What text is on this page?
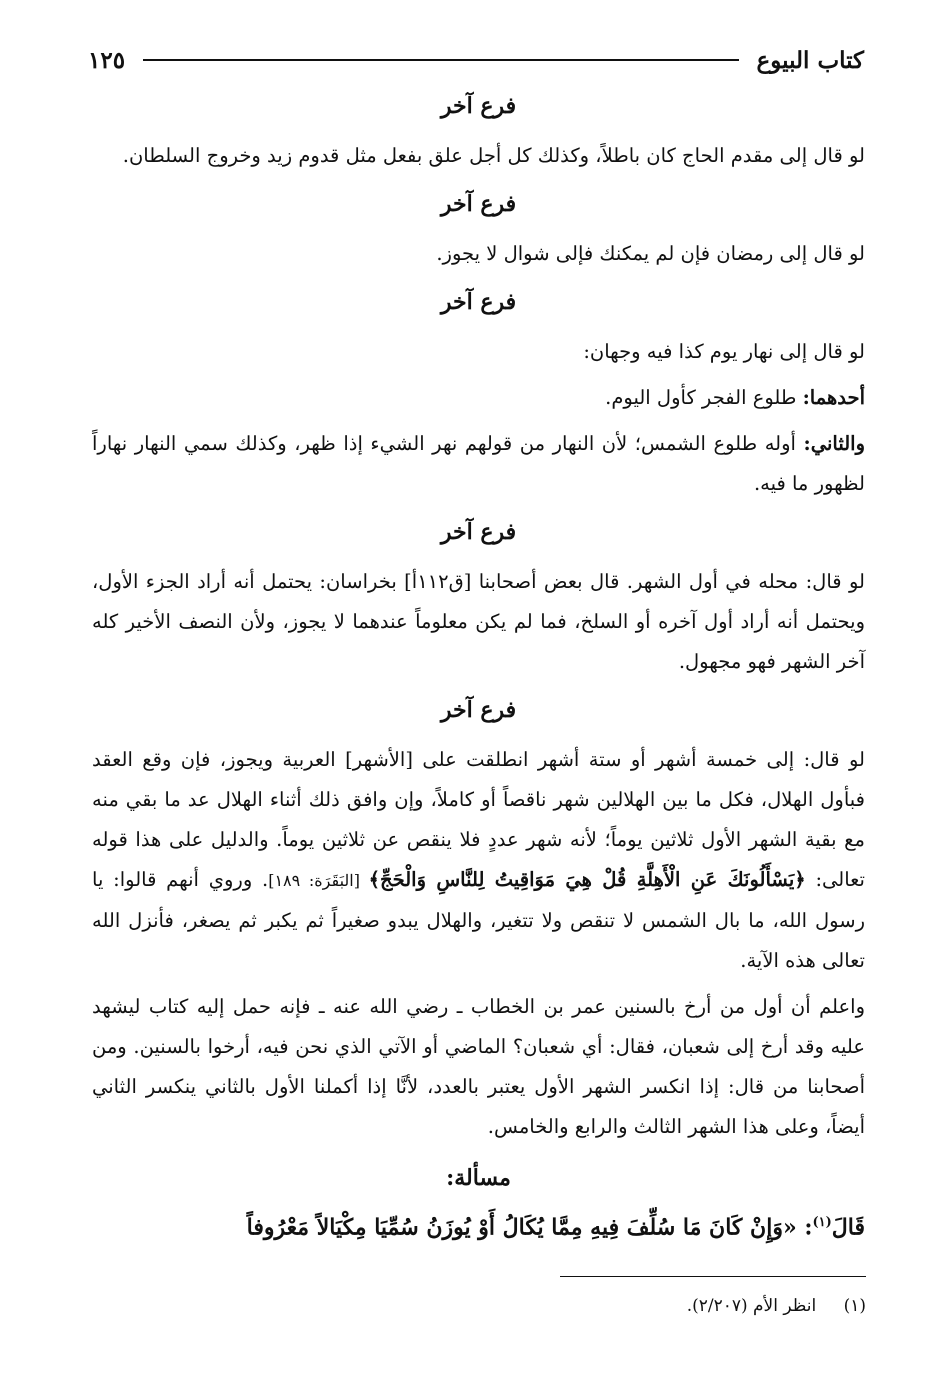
كتاب البيوع
١٢٥

فرع آخر

لو قال إلى مقدم الحاج كان باطلاً، وكذلك كل أجل علق بفعل مثل قدوم زيد وخروج السلطان.

فرع آخر

لو قال إلى رمضان فإن لم يمكنك فإلى شوال لا يجوز.

فرع آخر

لو قال إلى نهار يوم كذا فيه وجهان:

أحدهما: طلوع الفجر كأول اليوم.

والثاني: أوله طلوع الشمس؛ لأن النهار من قولهم نهر الشيء إذا ظهر، وكذلك سمي النهار نهاراً لظهور ما فيه.

فرع آخر

لو قال: محله في أول الشهر. قال بعض أصحابنا [ق١١٢أ] بخراسان: يحتمل أنه أراد الجزء الأول، ويحتمل أنه أراد أول آخره أو السلخ، فما لم يكن معلوماً عندهما لا يجوز، ولأن النصف الأخير كله آخر الشهر فهو مجهول.

فرع آخر

لو قال: إلى خمسة أشهر أو ستة أشهر انطلقت على [الأشهر] العربية ويجوز، فإن وقع العقد فبأول الهلال، فكل ما بين الهلالين شهر ناقصاً أو كاملاً، وإن وافق ذلك أثناء الهلال عد ما بقي منه مع بقية الشهر الأول ثلاثين يوماً؛ لأنه شهر عددٍ فلا ينقص عن ثلاثين يوماً. والدليل على هذا قوله تعالى: ﴿يَسْأَلُونَكَ عَنِ الْأَهِلَّةِ قُلْ هِيَ مَوَاقِيتُ لِلنَّاسِ وَالْحَجِّ﴾ [البَقَرَة: ١٨٩]. وروي أنهم قالوا: يا رسول الله، ما بال الشمس لا تنقص ولا تتغير، والهلال يبدو صغيراً ثم يكبر ثم يصغر، فأنزل الله تعالى هذه الآية.

واعلم أن أول من أرخ بالسنين عمر بن الخطاب ـ رضي الله عنه ـ فإنه حمل إليه كتاب ليشهد عليه وقد أرخ إلى شعبان، فقال: أي شعبان؟ الماضي أو الآتي الذي نحن فيه، أرخوا بالسنين. ومن أصحابنا من قال: إذا انكسر الشهر الأول يعتبر بالعدد، لأنَّا إذا أكملنا الأول بالثاني ينكسر الثاني أيضاً، وعلى هذا الشهر الثالث والرابع والخامس.

مسألة:

قَالَ$^{(١)}$: «وَإِنْ كَانَ مَا سُلِّفَ فِيهِ مِمَّا يُكَالُ أَوْ يُوزَنُ سُمِّيَا مِكْيَالاً مَعْرُوفاً

(١) انظر الأم (٢/٢٠٧).
